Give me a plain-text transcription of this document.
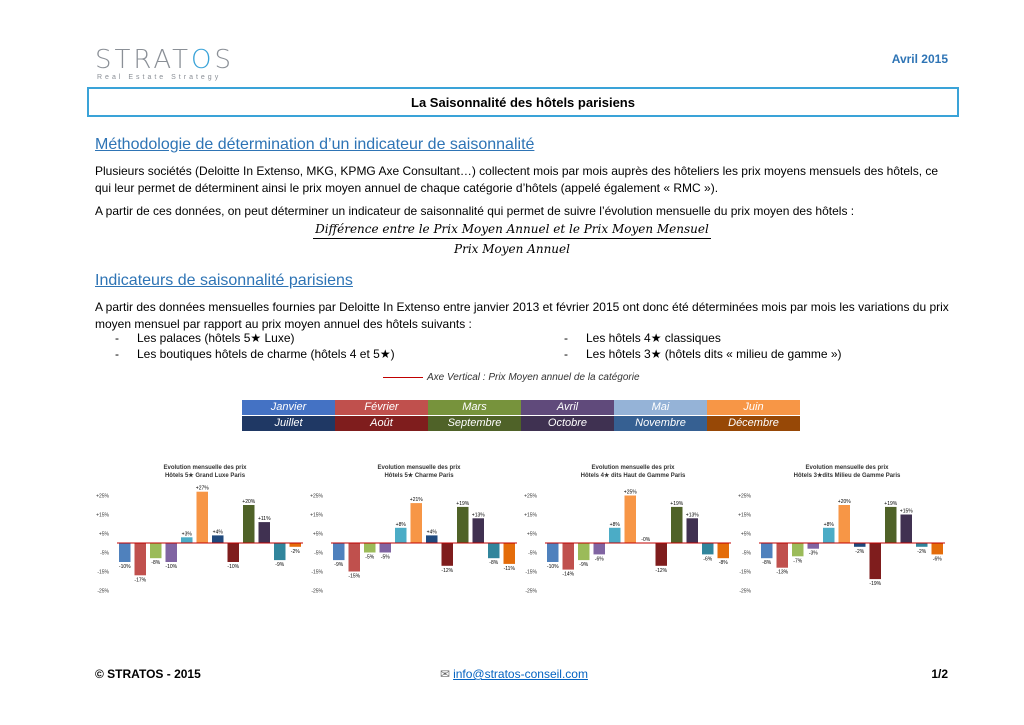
STRATOS
Real Estate Strategy
Avril 2015
La Saisonnalité des hôtels parisiens
Méthodologie de détermination d’un indicateur de saisonnalité
Plusieurs sociétés (Deloitte In Extenso, MKG, KPMG Axe Consultant…) collectent mois par mois auprès des hôteliers les prix moyens mensuels des hôtels, ce qui leur permet de déterminent ainsi le prix moyen annuel de chaque catégorie d’hôtels (appelé également « RMC »).
A partir de ces données, on peut déterminer un indicateur de saisonnalité qui permet de suivre l’évolution mensuelle du prix moyen des hôtels :
Différence entre le Prix Moyen Annuel et le Prix Moyen Mensuel
Prix Moyen Annuel
Indicateurs de saisonnalité parisiens
A partir des données mensuelles fournies par Deloitte In Extenso entre janvier 2013 et février 2015 ont donc été déterminées mois par mois les variations du prix moyen mensuel par rapport au prix moyen annuel des hôtels suivants :
- Les palaces (hôtels 5★ Luxe)
- Les boutiques hôtels de charme (hôtels 4 et 5★)
- Les hôtels 4★ classiques
- Les hôtels 3★ (hôtels dits « milieu de gamme »)
Axe Vertical : Prix Moyen annuel de la catégorie
Janvier	Février	Mars	Avril	Mai	Juin
Juillet	Août	Septembre	Octobre	Novembre	Décembre
Evolution mensuelle des prix
Hôtels 5★ Grand Luxe Paris
+25%
+15%
+5%
-5%
-15%
-25%
-10%
-17%
-8%
-10%
+3%
+27%
+4%
-10%
+20%
+11%
-9%
-2%
Evolution mensuelle des prix
Hôtels 5★ Charme Paris
+25%
+15%
+5%
-5%
-15%
-25%
-9%
-15%
-5% -5%
+8%
+21%
+4%
-12%
+19%
+13%
-8%
-11%
Evolution mensuelle des prix
Hôtels 4★ dits Haut de Gamme Paris
+25%
+15%
+5%
-5%
-15%
-25%
-10%
-14%
-9%
-6%
+8%
+25%
-0%
-12%
+19%
+13%
-6%
-8%
Evolution mensuelle des prix
Hôtels 3★dits Milieu de Gamme Paris
+25%
+15%
+5%
-5%
-15%
-25%
-8%
-13%
-7%
-3%
+8%
+20%
-2%
-19%
+19%
+15%
-2%
-6%
© STRATOS - 2015	✉ info@stratos-conseil.com	1/2
